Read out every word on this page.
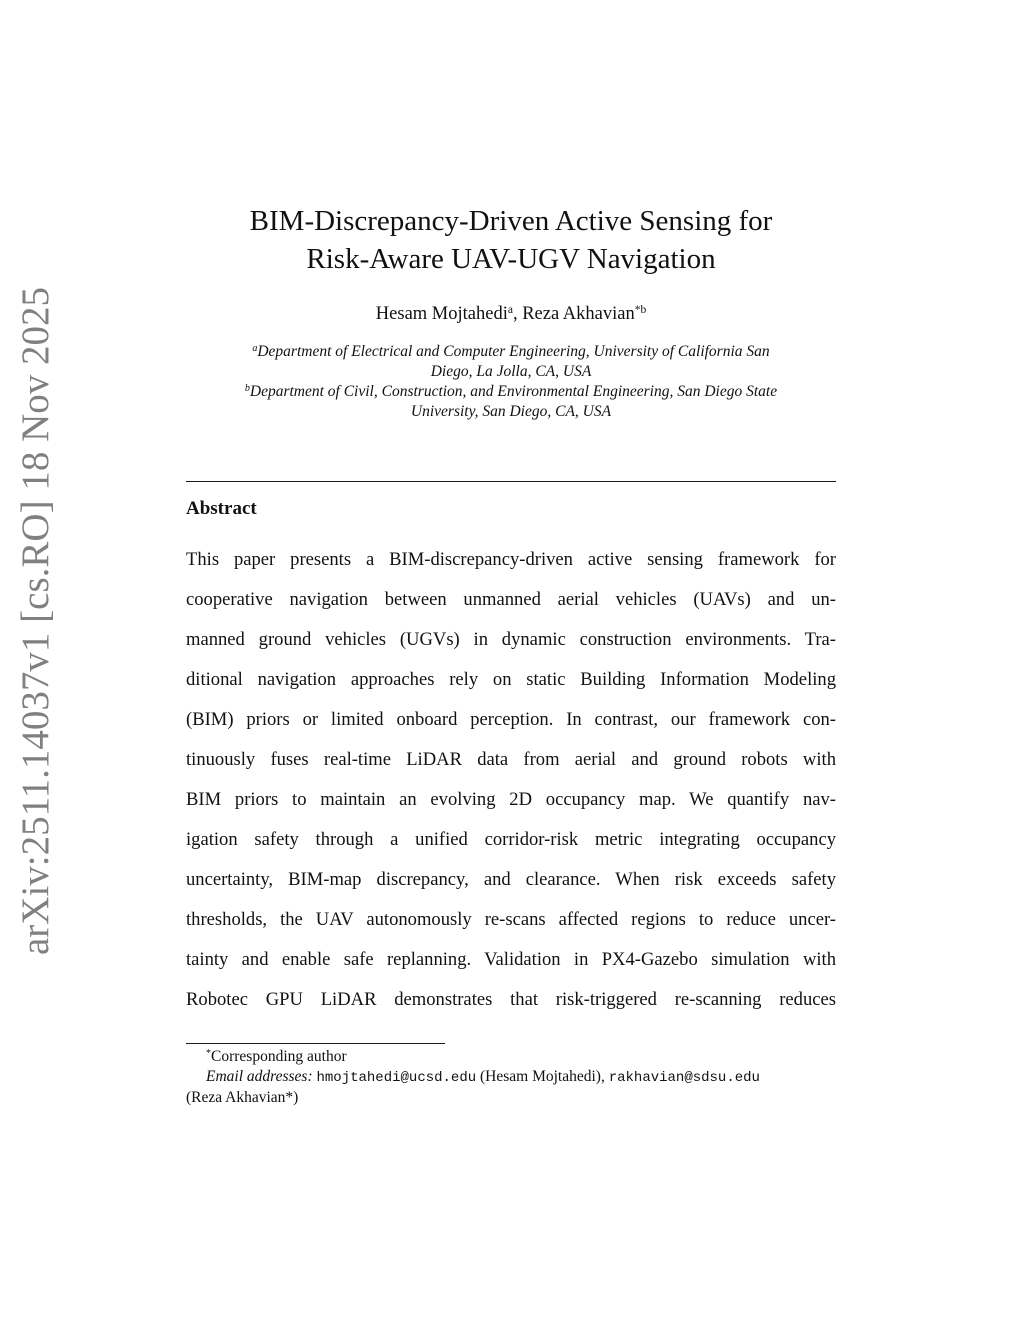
arXiv:2511.14037v1 [cs.RO] 18 Nov 2025
BIM-Discrepancy-Driven Active Sensing for
Risk-Aware UAV-UGV Navigation
Hesam Mojtahedi$^a$, Reza Akhavian$^{*b}$
$^a$Department of Electrical and Computer Engineering, University of California San
Diego, La Jolla, CA, USA
$^b$Department of Civil, Construction, and Environmental Engineering, San Diego State
University, San Diego, CA, USA
Abstract
This paper presents a BIM-discrepancy-driven active sensing framework for
cooperative navigation between unmanned aerial vehicles (UAVs) and un-
manned ground vehicles (UGVs) in dynamic construction environments. Tra-
ditional navigation approaches rely on static Building Information Modeling
(BIM) priors or limited onboard perception. In contrast, our framework con-
tinuously fuses real-time LiDAR data from aerial and ground robots with
BIM priors to maintain an evolving 2D occupancy map. We quantify nav-
igation safety through a unified corridor-risk metric integrating occupancy
uncertainty, BIM-map discrepancy, and clearance. When risk exceeds safety
thresholds, the UAV autonomously re-scans affected regions to reduce uncer-
tainty and enable safe replanning. Validation in PX4-Gazebo simulation with
Robotec GPU LiDAR demonstrates that risk-triggered re-scanning reduces
*Corresponding author
Email addresses: hmojtahedi@ucsd.edu (Hesam Mojtahedi), rakhavian@sdsu.edu
(Reza Akhavian*)
